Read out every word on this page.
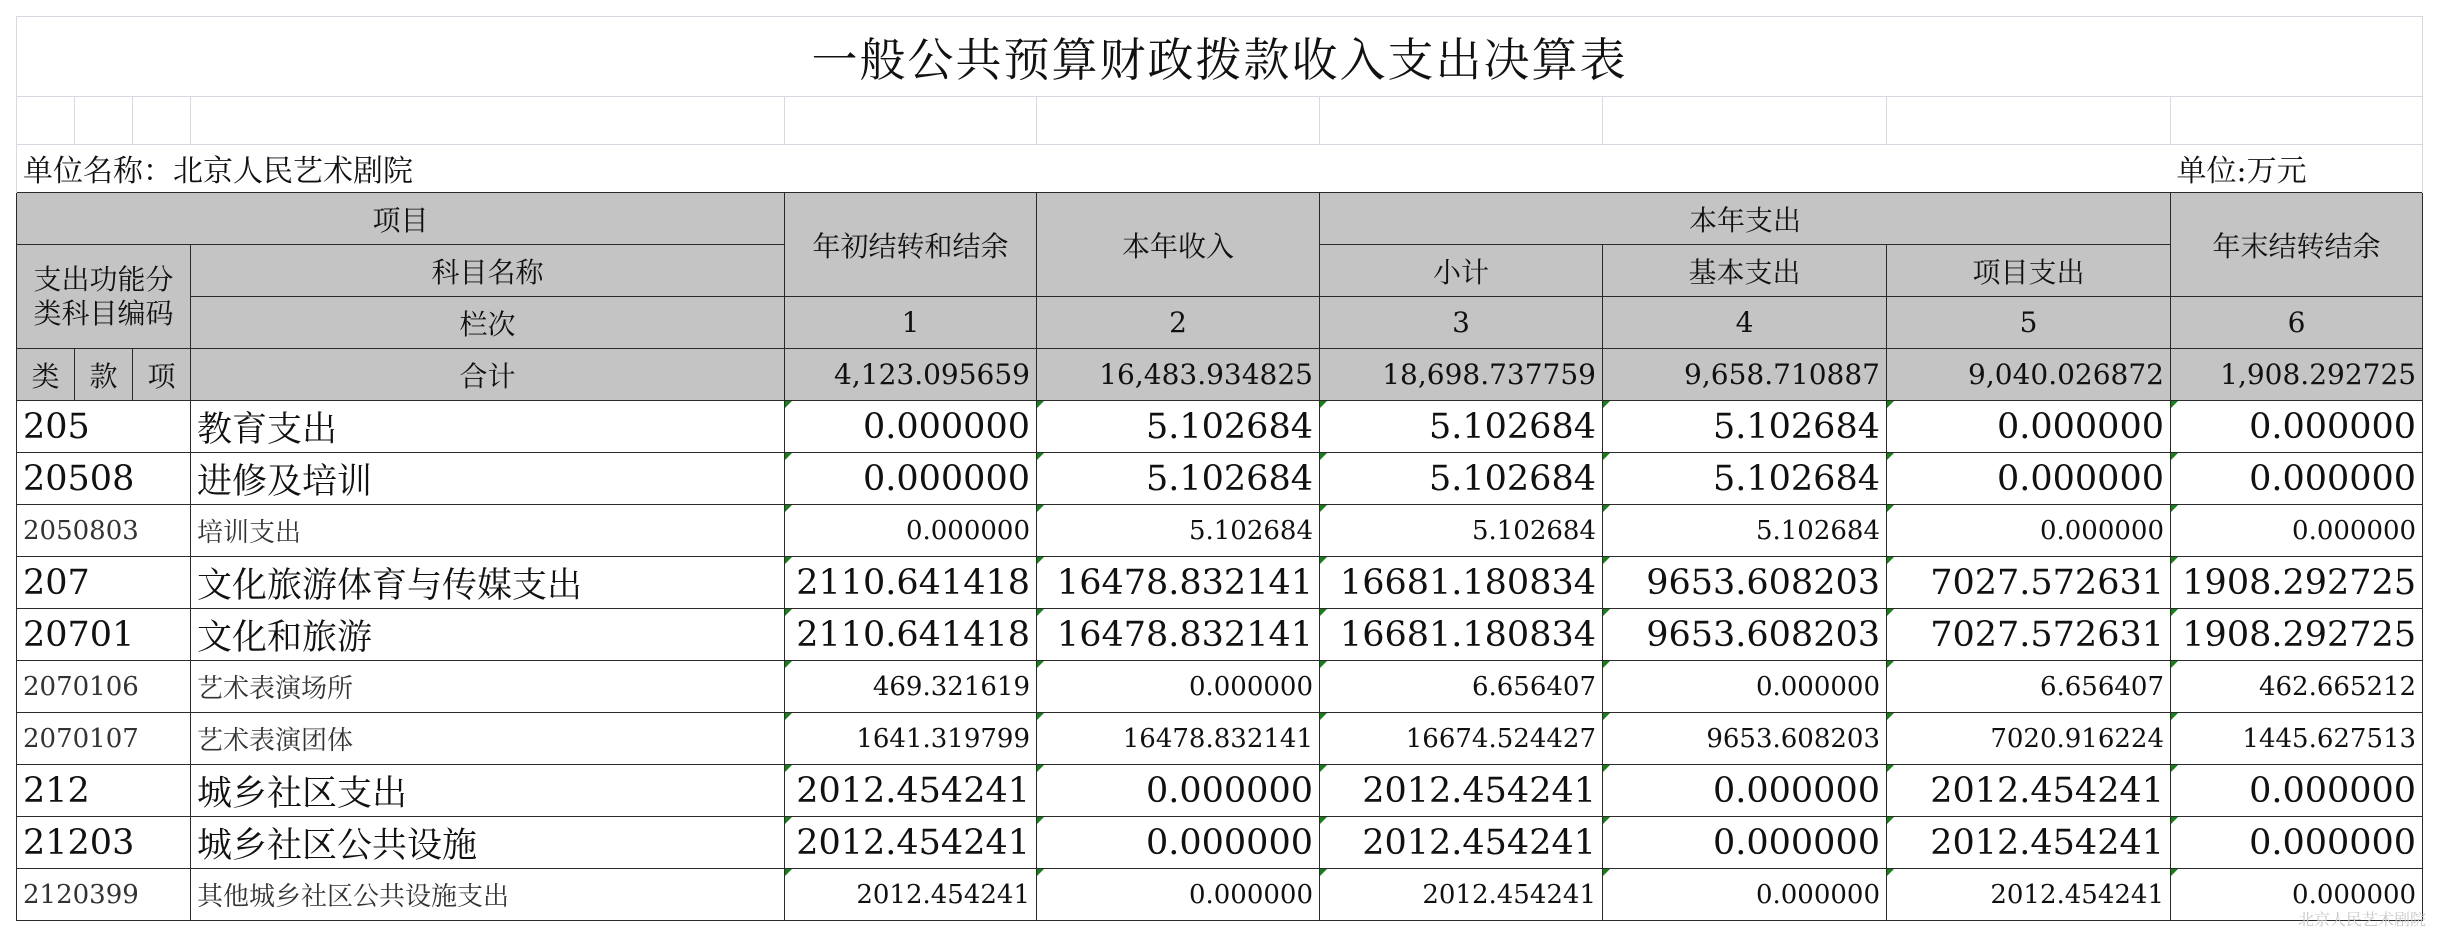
一般公共预算财政拨款收入支出决算表									

单位名称：北京人民艺术剧院									单位:万元
项目				年初结转和结余	本年收入	本年支出			年末结转结余
支出功能分类科目编码			科目名称			小计	基本支出	项目支出	
			栏次	1	2	3	4	5	6
类	款	项	合计	4,123.095659	16,483.934825	18,698.737759	9,658.710887	9,040.026872	1,908.292725
205			教育支出	0.000000	5.102684	5.102684	5.102684	0.000000	0.000000
20508			进修及培训	0.000000	5.102684	5.102684	5.102684	0.000000	0.000000
2050803			培训支出	0.000000	5.102684	5.102684	5.102684	0.000000	0.000000
207			文化旅游体育与传媒支出	2110.641418	16478.832141	16681.180834	9653.608203	7027.572631	1908.292725
20701			文化和旅游	2110.641418	16478.832141	16681.180834	9653.608203	7027.572631	1908.292725
2070106			艺术表演场所	469.321619	0.000000	6.656407	0.000000	6.656407	462.665212
2070107			艺术表演团体	1641.319799	16478.832141	16674.524427	9653.608203	7020.916224	1445.627513
212			城乡社区支出	2012.454241	0.000000	2012.454241	0.000000	2012.454241	0.000000
21203			城乡社区公共设施	2012.454241	0.000000	2012.454241	0.000000	2012.454241	0.000000
2120399			其他城乡社区公共设施支出	2012.454241	0.000000	2012.454241	0.000000	2012.454241	0.000000
北京人民艺术剧院
